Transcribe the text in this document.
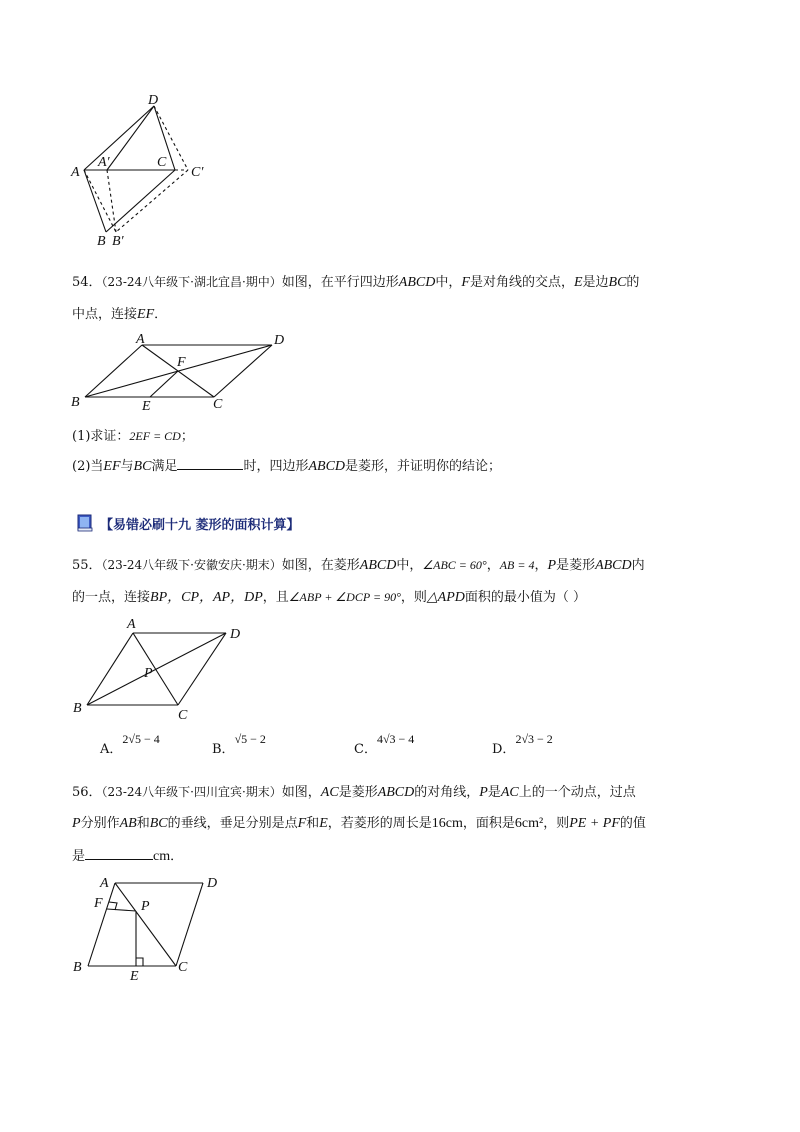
D
A
A′	C
C′
B B′
54．（23-24八年级下·湖北宜昌·期中）如图，在平行四边形ABCD中，F是对角线的交点，E是边BC的
中点，连接EF．
A	D
F
B	E	C
(1)求证：2EF = CD；
(2)当EF与BC满足	时，四边形ABCD是菱形，并证明你的结论；
【易错必刷十九 菱形的面积计算】
55．（23-24八年级下·安徽安庆·期末）如图，在菱形ABCD中，∠ABC = 60°，AB = 4，P是菱形ABCD内
的一点，连接BP，CP，AP，DP，且∠ABP + ∠DCP = 90°，则△APD面积的最小值为（ ）
A
D
P
B	C
A．2√5 − 4
B．√5 − 2
C．4√3 − 4
D．2√3 − 2
56．（23-24八年级下·四川宜宾·期末）如图，AC是菱形ABCD的对角线，P是AC上的一个动点，过点
P分别作AB和BC的垂线，垂足分别是点F和E，若菱形的周长是16cm，面积是6cm²，则PE + PF的值
是	cm．
A	D
F	P
B
E
C
